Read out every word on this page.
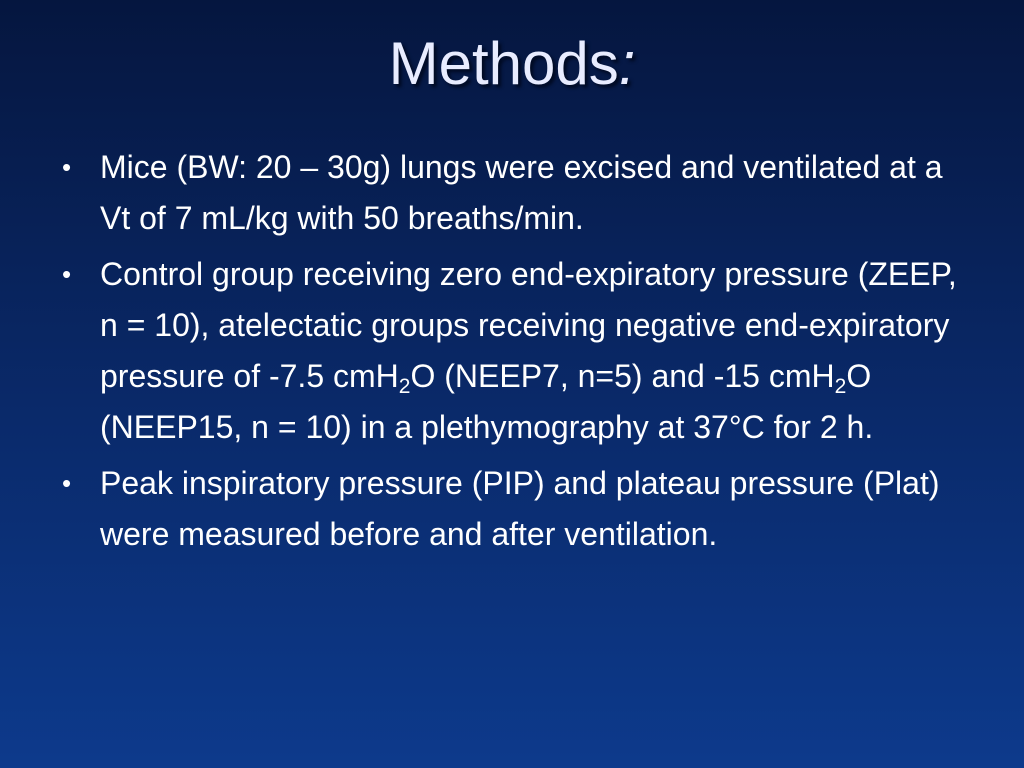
Methods:
• Mice (BW: 20 – 30g) lungs were excised and ventilated at a Vt of 7 mL/kg with 50 breaths/min.
• Control group receiving zero end-expiratory pressure (ZEEP, n = 10), atelectatic groups receiving negative end-expiratory pressure of -7.5 cmH$_2$O (NEEP7, n=5) and -15 cmH$_2$O (NEEP15, n = 10) in a plethymography at 37°C for 2 h.
• Peak inspiratory pressure (PIP) and plateau pressure (Plat) were measured before and after ventilation.
